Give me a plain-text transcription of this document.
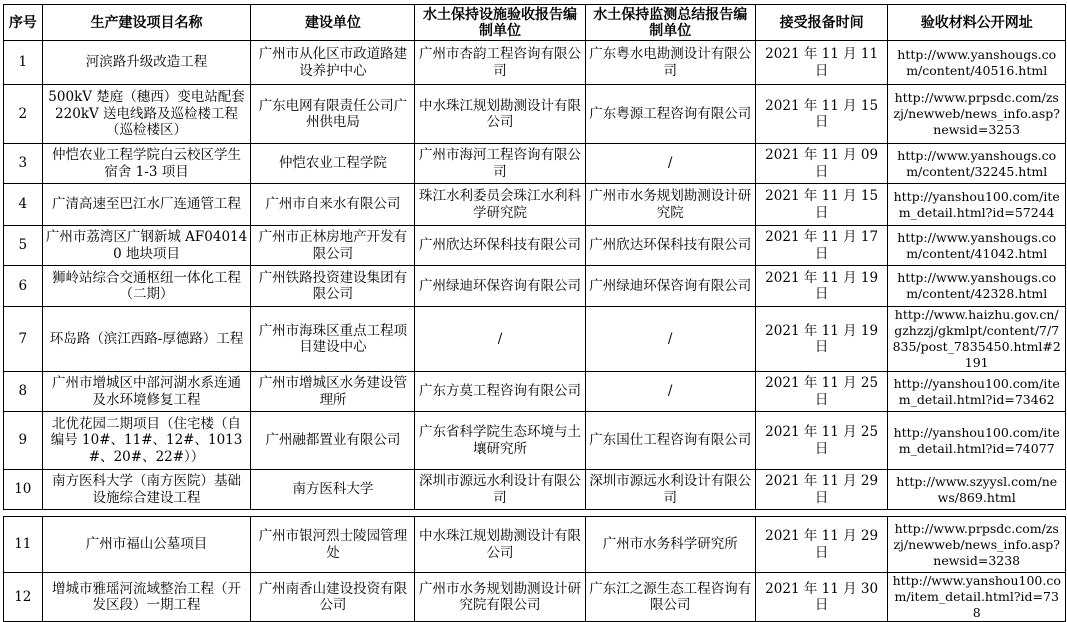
序号	生产建设项目名称	建设单位	水土保持设施验收报告编制单位	水土保持监测总结报告编制单位	接受报备时间	验收材料公开网址
1	河滨路升级改造工程	广州市从化区市政道路建设养护中心	广州市杏韵工程咨询有限公司	广东粤水电勘测设计有限公司	2021 年 11 月 11 日	http://www.yanshougs.com/content/40516.html
2	500kV 楚庭（穗西）变电站配套 220kV 送电线路及巡检楼工程（巡检楼区）	广东电网有限责任公司广州供电局	中水珠江规划勘测设计有限公司	广东粤源工程咨询有限公司	2021 年 11 月 15 日	http://www.prpsdc.com/zszj/newweb/news_info.asp?newsid=3253
3	仲恺农业工程学院白云校区学生宿舍 1-3 项目	仲恺农业工程学院	广州市海河工程咨询有限公司	/	2021 年 11 月 09 日	http://www.yanshougs.com/content/32245.html
4	广清高速至巴江水厂连通管工程	广州市自来水有限公司	珠江水利委员会珠江水利科学研究院	广州市水务规划勘测设计研究院	2021 年 11 月 15 日	http://yanshou100.com/item_detail.html?id=57244
5	广州市荔湾区广钢新城 AF040140 地块项目	广州市正林房地产开发有限公司	广州欣达环保科技有限公司	广州欣达环保科技有限公司	2021 年 11 月 17 日	http://www.yanshougs.com/content/41042.html
6	狮岭站综合交通枢纽一体化工程（二期）	广州铁路投资建设集团有限公司	广州绿迪环保咨询有限公司	广州绿迪环保咨询有限公司	2021 年 11 月 19 日	http://www.yanshougs.com/content/42328.html
7	环岛路（滨江西路-厚德路）工程	广州市海珠区重点工程项目建设中心	/	/	2021 年 11 月 19 日	http://www.haizhu.gov.cn/gzhzzj/gkmlpt/content/7/7835/post_7835450.html#2191
8	广州市增城区中部河湖水系连通及水环境修复工程	广州市增城区水务建设管理所	广东方莫工程咨询有限公司	/	2021 年 11 月 25 日	http://yanshou100.com/item_detail.html?id=73462
9	北优花园二期项目（住宅楼（自编号 10#、11#、12#、1013#、20#、22#））	广州融都置业有限公司	广东省科学院生态环境与土壤研究所	广东国仕工程咨询有限公司	2021 年 11 月 25 日	http://yanshou100.com/item_detail.html?id=74077
10	南方医科大学（南方医院）基础设施综合建设工程	南方医科大学	深圳市源远水利设计有限公司	深圳市源远水利设计有限公司	2021 年 11 月 29 日	http://www.szyysl.com/news/869.html
11	广州市福山公墓项目	广州市银河烈士陵园管理处	中水珠江规划勘测设计有限公司	广州市水务科学研究所	2021 年 11 月 29 日	http://www.prpsdc.com/zszj/newweb/news_info.asp?newsid=3238
12	增城市雅瑶河流域整治工程（开发区段）一期工程	广州南香山建设投资有限公司	广州市水务规划勘测设计研究院有限公司	广东江之源生态工程咨询有限公司	2021 年 11 月 30 日	http://www.yanshou100.com/item_detail.html?id=738
